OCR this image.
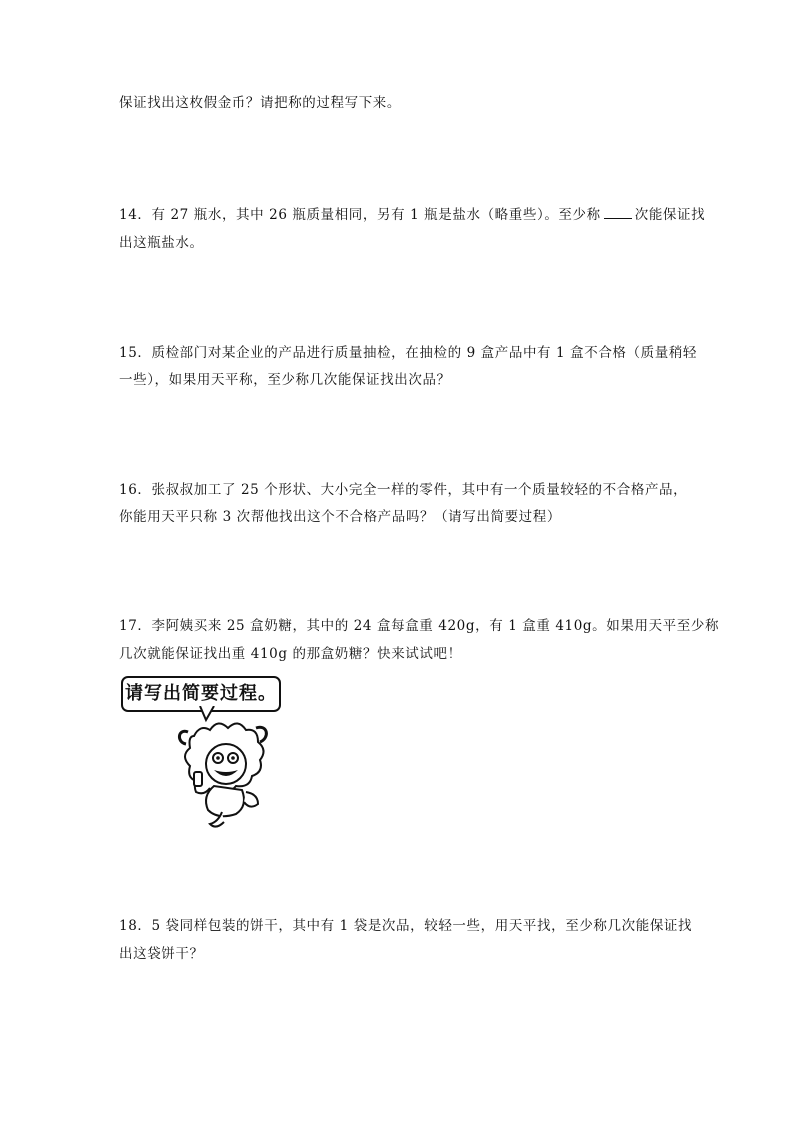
保证找出这枚假金币？请把称的过程写下来。
14．有 27 瓶水，其中 26 瓶质量相同，另有 1 瓶是盐水（略重些）。至少称	次能保证找
出这瓶盐水。
15．质检部门对某企业的产品进行质量抽检，在抽检的 9 盒产品中有 1 盒不合格（质量稍轻
一些），如果用天平称，至少称几次能保证找出次品？
16．张叔叔加工了 25 个形状、大小完全一样的零件，其中有一个质量较轻的不合格产品，
你能用天平只称 3 次帮他找出这个不合格产品吗？（请写出简要过程）
17．李阿姨买来 25 盒奶糖，其中的 24 盒每盒重 420g，有 1 盒重 410g。如果用天平至少称
几次就能保证找出重 410g 的那盒奶糖？快来试试吧！
请写出简要过程。
18．5 袋同样包装的饼干，其中有 1 袋是次品，较轻一些，用天平找，至少称几次能保证找
出这袋饼干？
